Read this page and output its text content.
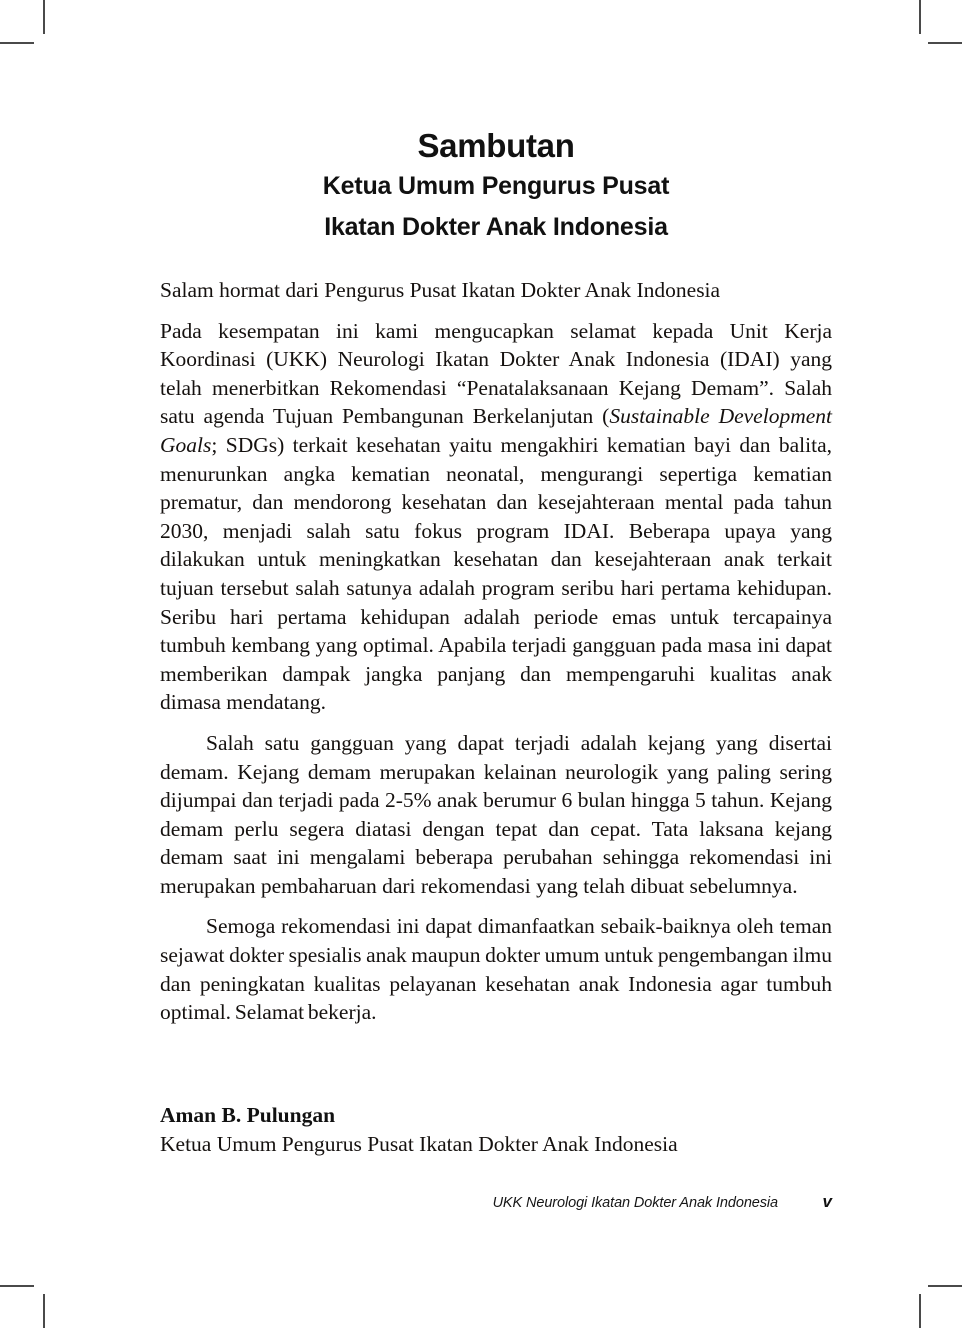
Sambutan
Ketua Umum Pengurus Pusat
Ikatan Dokter Anak Indonesia

Salam hormat dari Pengurus Pusat Ikatan Dokter Anak Indonesia

Pada kesempatan ini kami mengucapkan selamat kepada Unit Kerja Koordinasi (UKK) Neurologi Ikatan Dokter Anak Indonesia (IDAI) yang telah menerbitkan Rekomendasi “Penatalaksanaan Kejang Demam”. Salah satu agenda Tujuan Pembangunan Berkelanjutan (Sustainable Development Goals; SDGs) terkait kesehatan yaitu mengakhiri kematian bayi dan balita, menurunkan angka kematian neonatal, mengurangi sepertiga kematian prematur, dan mendorong kesehatan dan kesejahteraan mental pada tahun 2030, menjadi salah satu fokus program IDAI. Beberapa upaya yang dilakukan untuk meningkatkan kesehatan dan kesejahteraan anak terkait tujuan tersebut salah satunya adalah program seribu hari pertama kehidupan. Seribu hari pertama kehidupan adalah periode emas untuk tercapainya tumbuh kembang yang optimal. Apabila terjadi gangguan pada masa ini dapat memberikan dampak jangka panjang dan mempengaruhi kualitas anak dimasa mendatang.

Salah satu gangguan yang dapat terjadi adalah kejang yang disertai demam. Kejang demam merupakan kelainan neurologik yang paling sering dijumpai dan terjadi pada 2-5% anak berumur 6 bulan hingga 5 tahun. Kejang demam perlu segera diatasi dengan tepat dan cepat. Tata laksana kejang demam saat ini mengalami beberapa perubahan sehingga rekomendasi ini merupakan pembaharuan dari rekomendasi yang telah dibuat sebelumnya.

Semoga rekomendasi ini dapat dimanfaatkan sebaik-baiknya oleh teman sejawat dokter spesialis anak maupun dokter umum untuk pengembangan ilmu dan peningkatan kualitas pelayanan kesehatan anak Indonesia agar tumbuh optimal. Selamat bekerja.

Aman B. Pulungan
Ketua Umum Pengurus Pusat Ikatan Dokter Anak Indonesia
UKK Neurologi Ikatan Dokter Anak Indonesia	v
